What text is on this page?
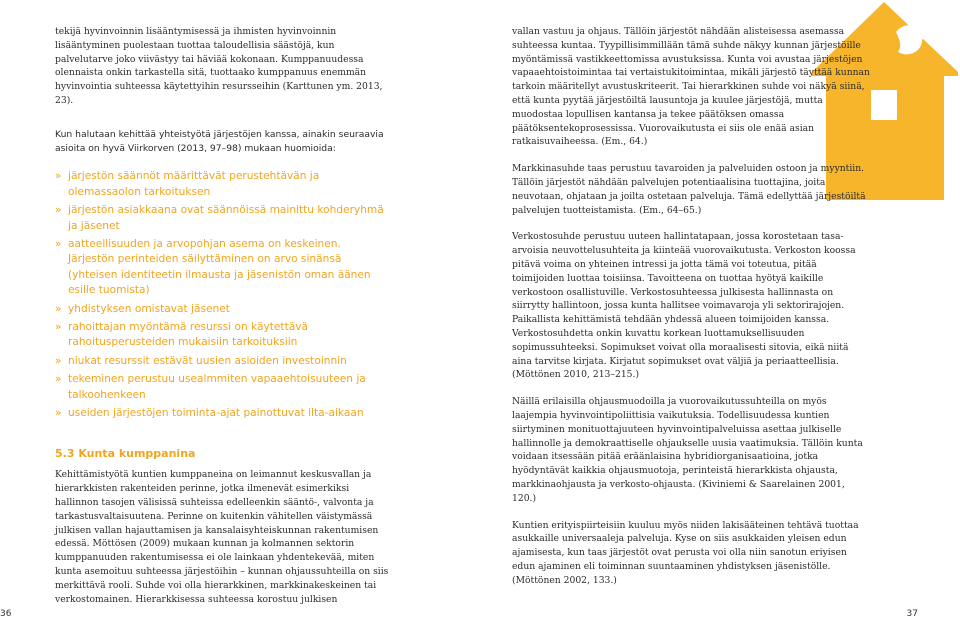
tekijä hyvinvoinnin lisääntymisessä ja ihmisten hyvinvoinnin lisääntyminen puolestaan tuottaa taloudellisia säästöjä, kun palvelutarve joko viivästyy tai häviää kokonaan. Kumppanuudessa olennaista onkin tarkastella sitä, tuottaako kumppanuus enemmän hyvinvointia suhteessa käytettyihin resursseihin (Karttunen ym. 2013, 23).

Kun halutaan kehittää yhteistyötä järjestöjen kanssa, ainakin seuraavia asioita on hyvä Viirkorven (2013, 97–98) mukaan huomioida:

» järjestön säännöt määrittävät perustehtävän ja olemassaolon tarkoituksen
» järjestön asiakkaana ovat säännöissä mainittu kohderyhmä ja jäsenet
» aatteellisuuden ja arvopohjan asema on keskeinen.
Järjestön perinteiden säilyttäminen on arvo sinänsä (yhteisen identiteetin ilmausta ja jäsenistön oman äänen esille tuomista)
» yhdistyksen omistavat jäsenet
» rahoittajan myöntämä resurssi on käytettävä rahoitusperusteiden mukaisiin tarkoituksiin
» niukat resurssit estävät uusien asioiden investoinnin
» tekeminen perustuu usealmmiten vapaaehtoisuuteen ja talkoohenkeen
» useiden järjestöjen toiminta-ajat painottuvat ilta-aikaan
5.3 Kunta kumppanina

Kehittämistyötä kuntien kumppaneina on leimannut keskusvallan ja hierarkkisten rakenteiden perinne, jotka ilmenevät esimerkiksi hallinnon tasojen välisissä suhteissa edelleenkin sääntö-, valvonta ja tarkastusvaltaisuutena. Perinne on kuitenkin vähitellen väistymässä julkisen vallan hajauttamisen ja kansalaisyhteiskunnan rakentumisen edessä. Möttösen (2009) mukaan kunnan ja kolmannen sektorin kumppanuuden rakentumisessa ei ole lainkaan yhdentekevää, miten kunta asemoituu suhteessa järjestöihin – kunnan ohjaussuhteilla on siis merkittävä rooli. Suhde voi olla hierarkkinen, markkinakeskeinen tai verkostomainen. Hierarkkisessa suhteessa korostuu julkisen

vallan vastuu ja ohjaus. Tällöin järjestöt nähdään alisteisessa asemassa suhteessa kuntaa. Tyypillisimmillään tämä suhde näkyy kunnan järjestöille myöntämissä vastikkeettomissa avustuksissa. Kunta voi avustaa järjestöjen vapaaehtoistoimintaa tai vertaistukitoimintaa, mikäli järjestö täyttää kunnan tarkoin määritellyt avustuskriteerit. Tai hierarkkinen suhde voi näkyä siinä, että kunta pyytää järjestöiltä lausuntoja ja kuulee järjestöjä, mutta muodostaa lopullisen kantansa ja tekee päätöksen omassa päätöksentekoprosessissa. Vuorovaikutusta ei siis ole enää asian ratkaisuvaiheessa. (Em., 64.)

Markkinasuhde taas perustuu tavaroiden ja palveluiden ostoon ja myyntiin. Tällöin järjestöt nähdään palvelujen potentiaalisina tuottajina, joita neuvotaan, ohjataan ja joilta ostetaan palveluja. Tämä edellyttää järjestöiltä palvelujen tuotteistamista. (Em., 64–65.)

Verkostosuhde perustuu uuteen hallintatapaan, jossa korostetaan tasa-arvoisia neuvottelusuhteita ja kiinteää vuorovaikutusta. Verkoston koossa pitävä voima on yhteinen intressi ja jotta tämä voi toteutua, pitää toimijoiden luottaa toisiinsa. Tavoitteena on tuottaa hyötyä kaikille verkostoon osallistuville. Verkostosuhteessa julkisesta hallinnasta on siirrytty hallintoon, jossa kunta hallitsee voimavaroja yli sektorirajojen. Paikallista kehittämistä tehdään yhdessä alueen toimijoiden kanssa. Verkostosuhdetta onkin kuvattu korkean luottamuksellisuuden sopimussuhteeksi. Sopimukset voivat olla moraalisesti sitovia, eikä niitä aina tarvitse kirjata. Kirjatut sopimukset ovat väljiä ja periaatteellisia. (Möttönen 2010, 213–215.)

Näillä erilaisilla ohjausmuodoilla ja vuorovaikutussuhteilla on myös laajempia hyvinvointipoliittisia vaikutuksia. Todellisuudessa kuntien siirtyminen monituottajuuteen hyvinvointipalveluissa asettaa julkiselle hallinnolle ja demokraattiselle ohjaukselle uusia vaatimuksia. Tällöin kunta voidaan itsessään pitää eräänlaisina hybridiorganisaatioina, jotka hyödyntävät kaikkia ohjausmuotoja, perinteistä hierarkkista ohjausta, markkinaohjausta ja verkosto-ohjausta. (Kiviniemi & Saarelainen 2001, 120.)

Kuntien erityispiirteisiin kuuluu myös niiden lakisääteinen tehtävä tuottaa asukkaille universaaleja palveluja. Kyse on siis asukkaiden yleisen edun ajamisesta, kun taas järjestöt ovat perusta voi olla niin sanotun eriyisen edun ajaminen eli toiminnan suuntaaminen yhdistyksen jäsenistölle. (Möttönen 2002, 133.)

36	37
